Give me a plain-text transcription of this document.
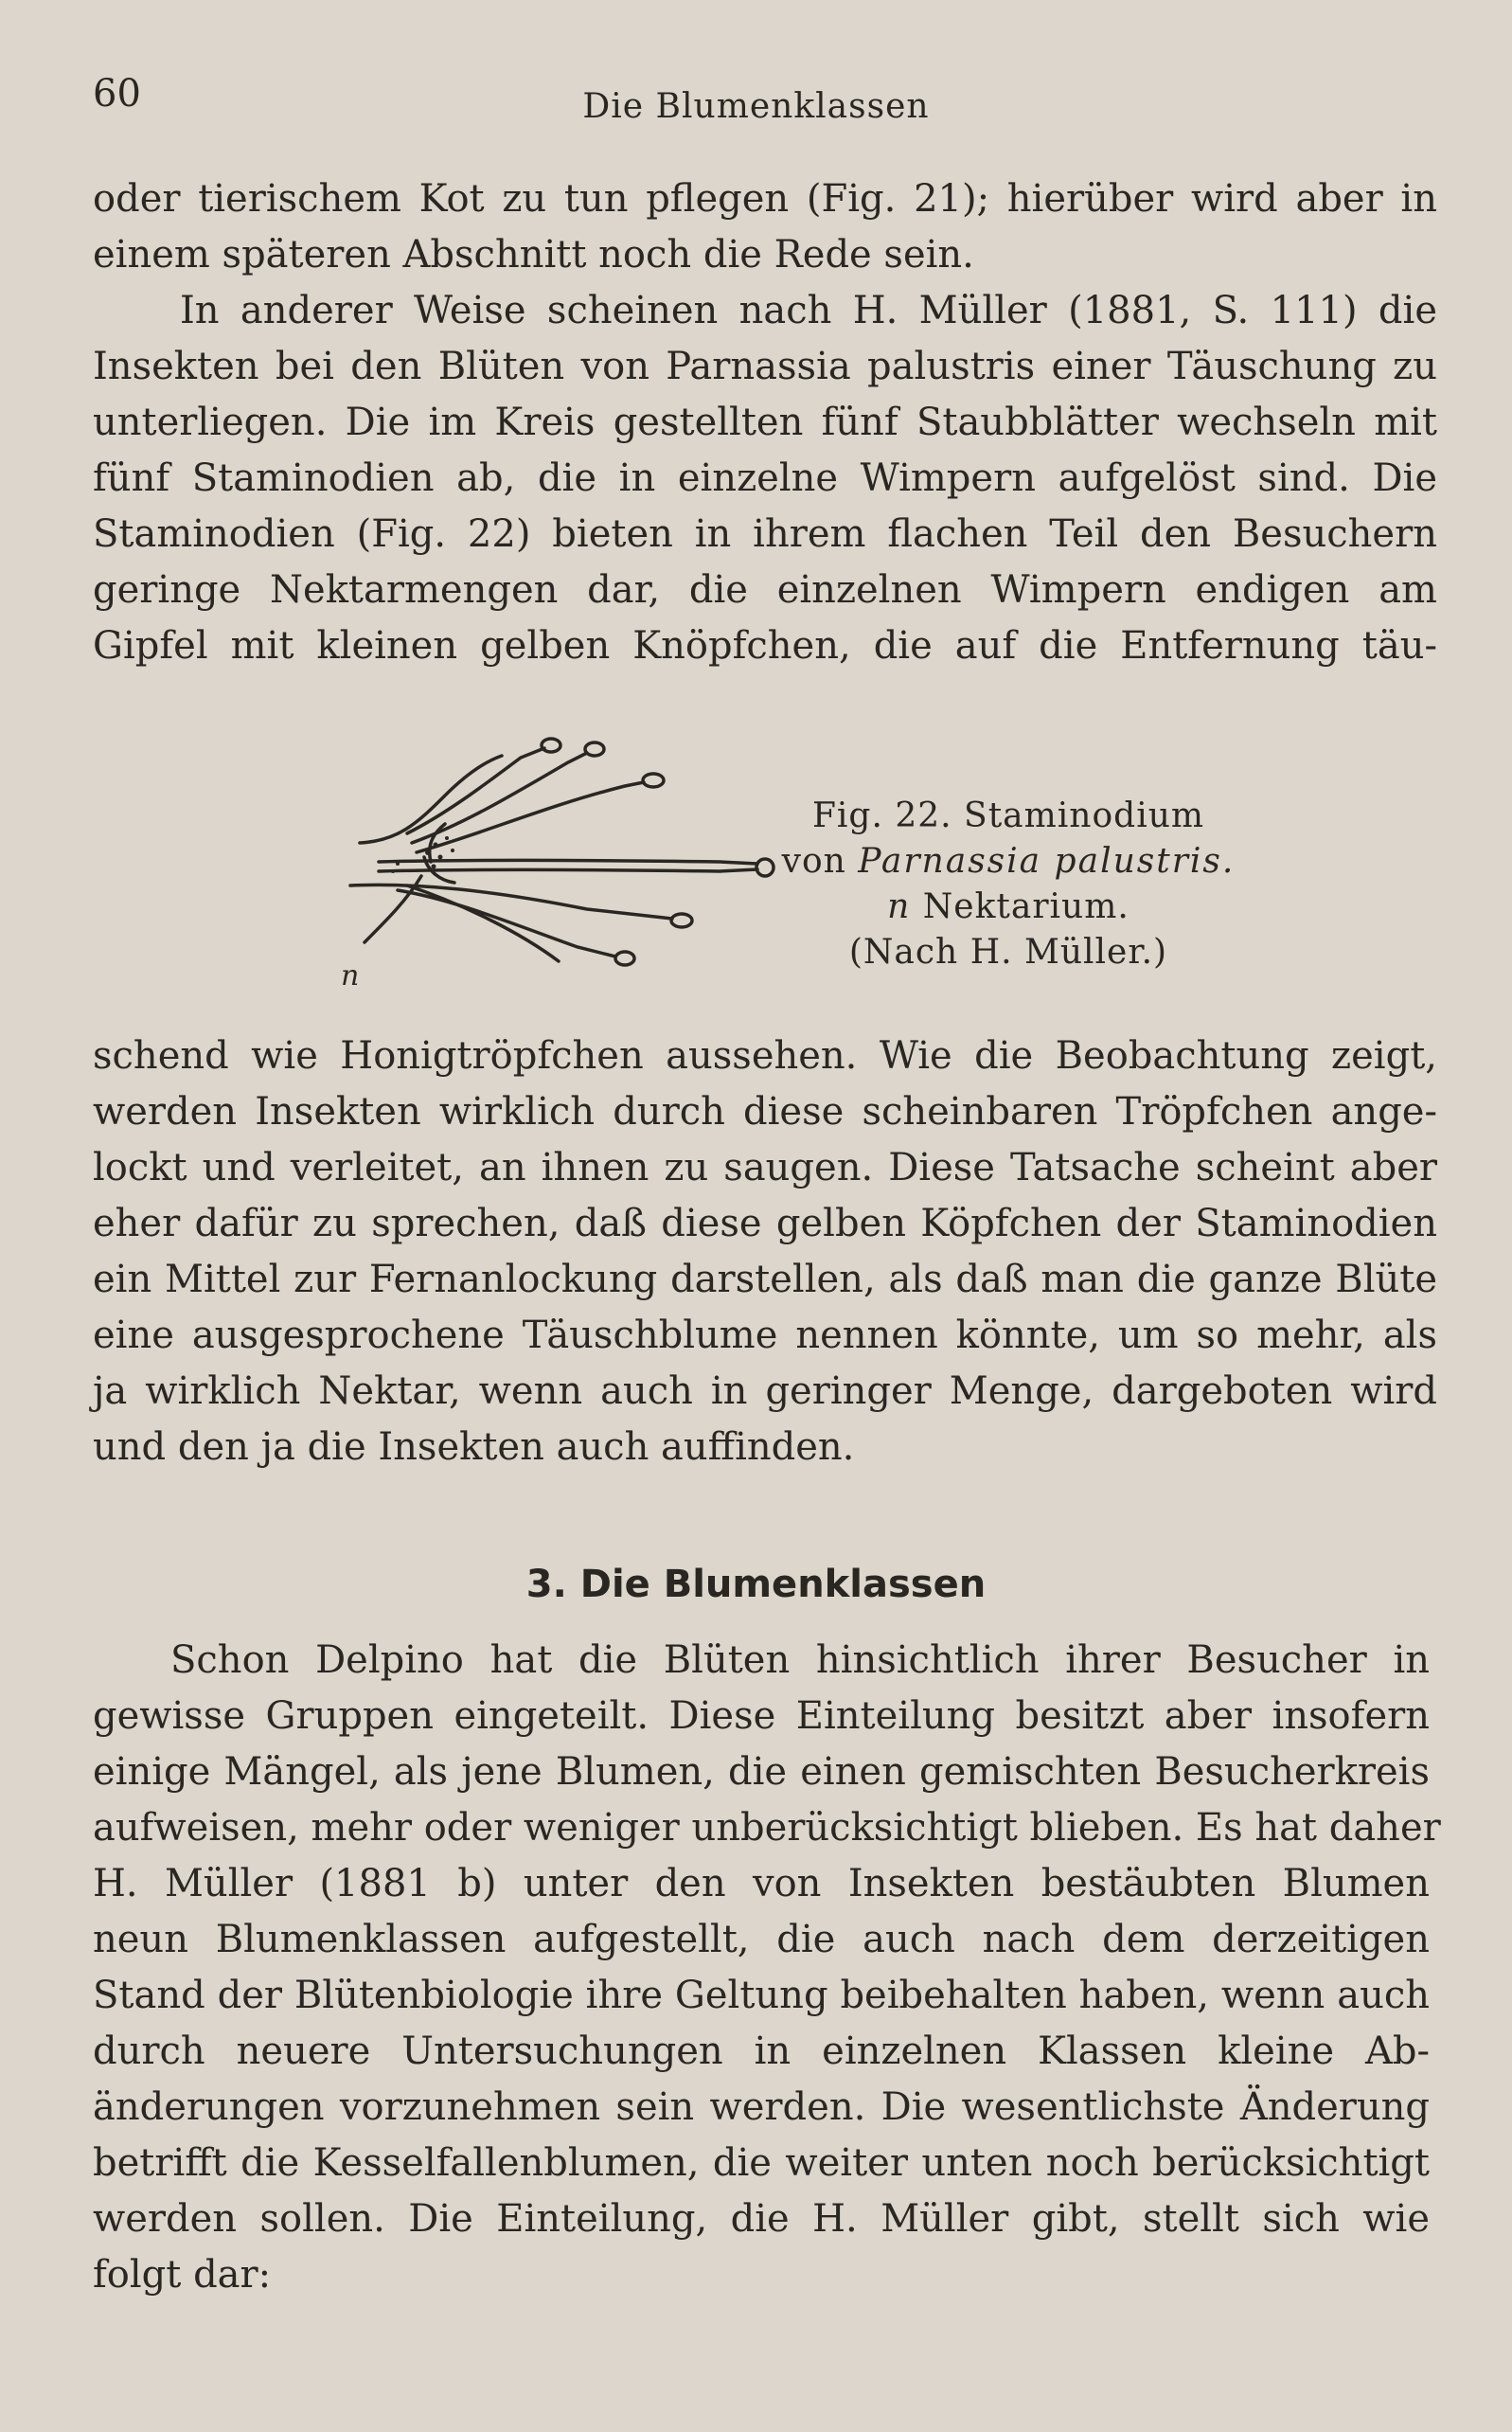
60	Die Blumenklassen
oder tierischem Kot zu tun pflegen (Fig. 21); hierüber wird aber in
einem späteren Abschnitt noch die Rede sein.
In anderer Weise scheinen nach H. Müller (1881, S. 111) die
Insekten bei den Blüten von Parnassia palustris einer Täuschung zu
unterliegen. Die im Kreis gestellten fünf Staubblätter wechseln mit
fünf Staminodien ab, die in einzelne Wimpern aufgelöst sind. Die
Staminodien (Fig. 22) bieten in ihrem flachen Teil den Besuchern
geringe Nektarmengen dar, die einzelnen Wimpern endigen am
Gipfel mit kleinen gelben Knöpfchen, die auf die Entfernung täu-
n
Fig. 22. Staminodium
von Parnassia palustris.
n Nektarium.
(Nach H. Müller.)
schend wie Honigtröpfchen aussehen. Wie die Beobachtung zeigt,
werden Insekten wirklich durch diese scheinbaren Tröpfchen ange-
lockt und verleitet, an ihnen zu saugen. Diese Tatsache scheint aber
eher dafür zu sprechen, daß diese gelben Köpfchen der Staminodien
ein Mittel zur Fernanlockung darstellen, als daß man die ganze Blüte
eine ausgesprochene Täuschblume nennen könnte, um so mehr, als
ja wirklich Nektar, wenn auch in geringer Menge, dargeboten wird
und den ja die Insekten auch auffinden.
3. Die Blumenklassen
Schon Delpino hat die Blüten hinsichtlich ihrer Besucher in
gewisse Gruppen eingeteilt. Diese Einteilung besitzt aber insofern
einige Mängel, als jene Blumen, die einen gemischten Besucherkreis
aufweisen, mehr oder weniger unberücksichtigt blieben. Es hat daher
H. Müller (1881 b) unter den von Insekten bestäubten Blumen
neun Blumenklassen aufgestellt, die auch nach dem derzeitigen
Stand der Blütenbiologie ihre Geltung beibehalten haben, wenn auch
durch neuere Untersuchungen in einzelnen Klassen kleine Ab-
änderungen vorzunehmen sein werden. Die wesentlichste Änderung
betrifft die Kesselfallenblumen, die weiter unten noch berücksichtigt
werden sollen. Die Einteilung, die H. Müller gibt, stellt sich wie
folgt dar:
